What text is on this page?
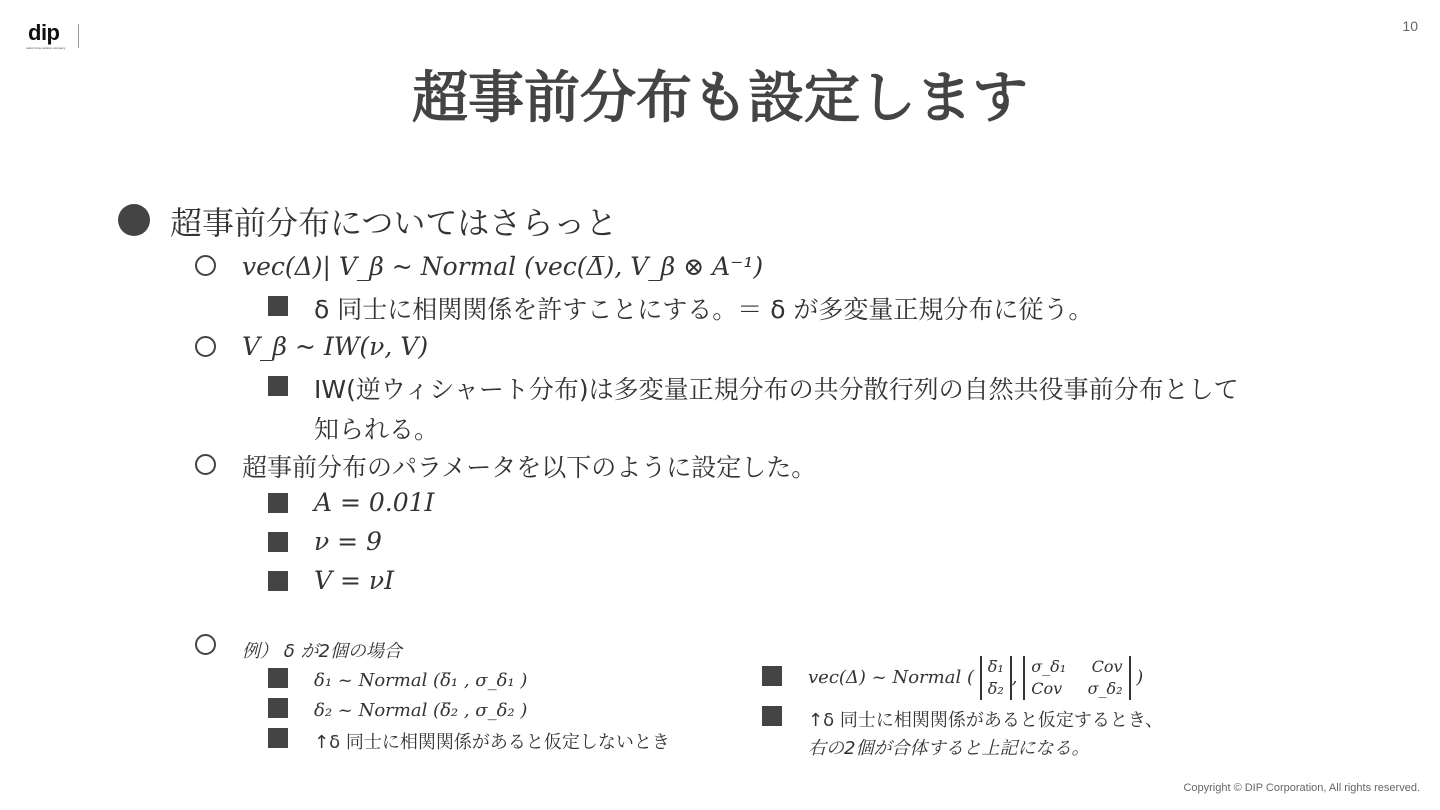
dip
Labor force solution company
10
超事前分布も設定します
超事前分布についてはさらっと
vec(Δ)| V_β ~ Normal (vec(Δ̅), V_β ⊗ A⁻¹)
δ 同士に相関関係を許すことにする。＝ δ が多変量正規分布に従う。
V_β ~ IW(ν, V)
IW(逆ウィシャート分布)は多変量正規分布の共分散行列の自然共役事前分布として
知られる。
超事前分布のパラメータを以下のように設定した。
A = 0.01I
ν = 9
V = νI
例） δ が2個の場合
δ₁ ~ Normal (δ̅₁ , σ_δ₁ )
δ₂ ~ Normal (δ̅₂ , σ_δ₂ )
↑δ 同士に相関関係があると仮定しないとき
vec(Δ) ~ Normal (
δ̅₁
δ̅₂
,
σ_δ₁ Cov
Cov σ_δ₂
)
↑δ 同士に相関関係があると仮定するとき、
右の2個が合体すると上記になる。
Copyright © DIP Corporation, All rights reserved.
